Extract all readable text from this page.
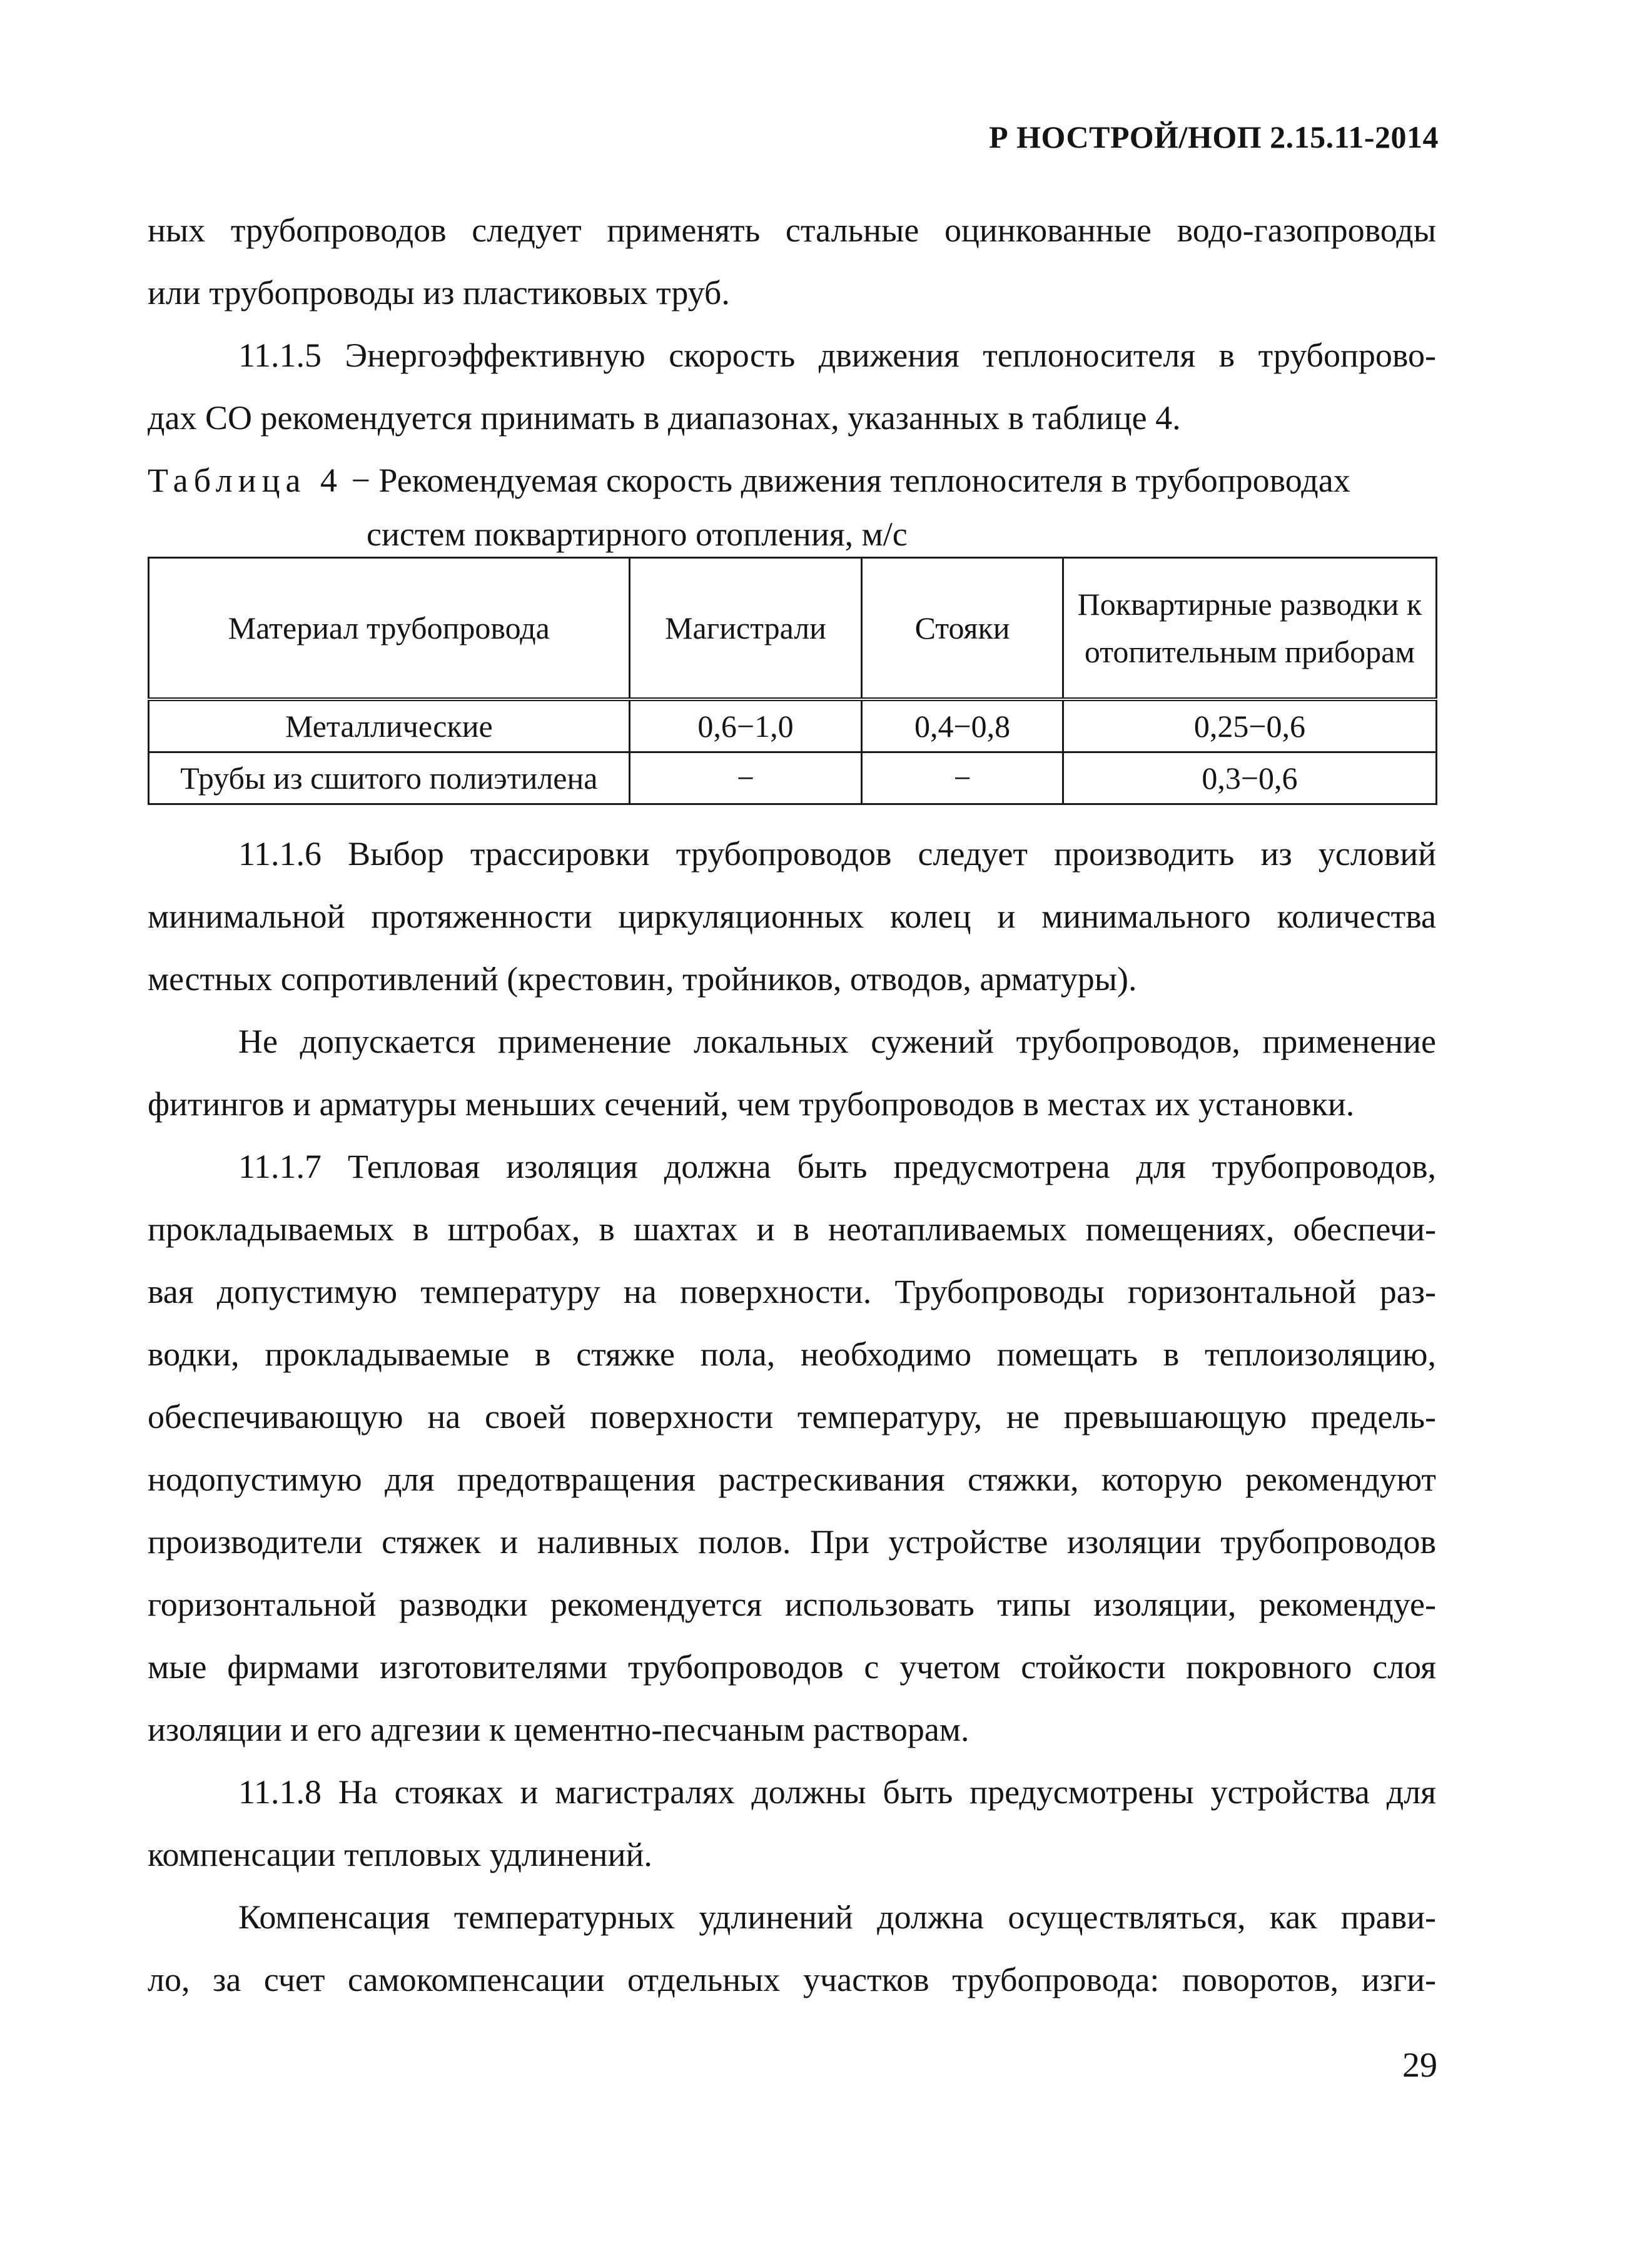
Р НОСТРОЙ/НОП 2.15.11-2014

ных трубопроводов следует применять стальные оцинкованные водо-газопроводы

или трубопроводы из пластиковых труб.

11.1.5 Энергоэффективную скорость движения теплоносителя в трубопрово-

дах СО рекомендуется принимать в диапазонах, указанных в таблице 4.

Таблица 4 − Рекомендуемая скорость движения теплоносителя в трубопроводах
систем поквартирного отопления, м/с
Материал трубопровода	Магистрали	Стояки	Поквартирные разводки к отопительным приборам
Металлические	0,6−1,0	0,4−0,8	0,25−0,6
Трубы из сшитого полиэтилена	−	−	0,3−0,6

11.1.6 Выбор трассировки трубопроводов следует производить из условий

минимальной протяженности циркуляционных колец и минимального количества

местных сопротивлений (крестовин, тройников, отводов, арматуры).

Не допускается применение локальных сужений трубопроводов, применение

фитингов и арматуры меньших сечений, чем трубопроводов в местах их установки.

11.1.7 Тепловая изоляция должна быть предусмотрена для трубопроводов,

прокладываемых в штробах, в шахтах и в неотапливаемых помещениях, обеспечи-

вая допустимую температуру на поверхности. Трубопроводы горизонтальной раз-

водки, прокладываемые в стяжке пола, необходимо помещать в теплоизоляцию,

обеспечивающую на своей поверхности температуру, не превышающую предель-

нодопустимую для предотвращения растрескивания стяжки, которую рекомендуют

производители стяжек и наливных полов. При устройстве изоляции трубопроводов

горизонтальной разводки рекомендуется использовать типы изоляции, рекомендуе-

мые фирмами изготовителями трубопроводов с учетом стойкости покровного слоя

изоляции и его адгезии к цементно-песчаным растворам.

11.1.8 На стояках и магистралях должны быть предусмотрены устройства для

компенсации тепловых удлинений.

Компенсация температурных удлинений должна осуществляться, как прави-

ло, за счет самокомпенсации отдельных участков трубопровода: поворотов, изги-

29
